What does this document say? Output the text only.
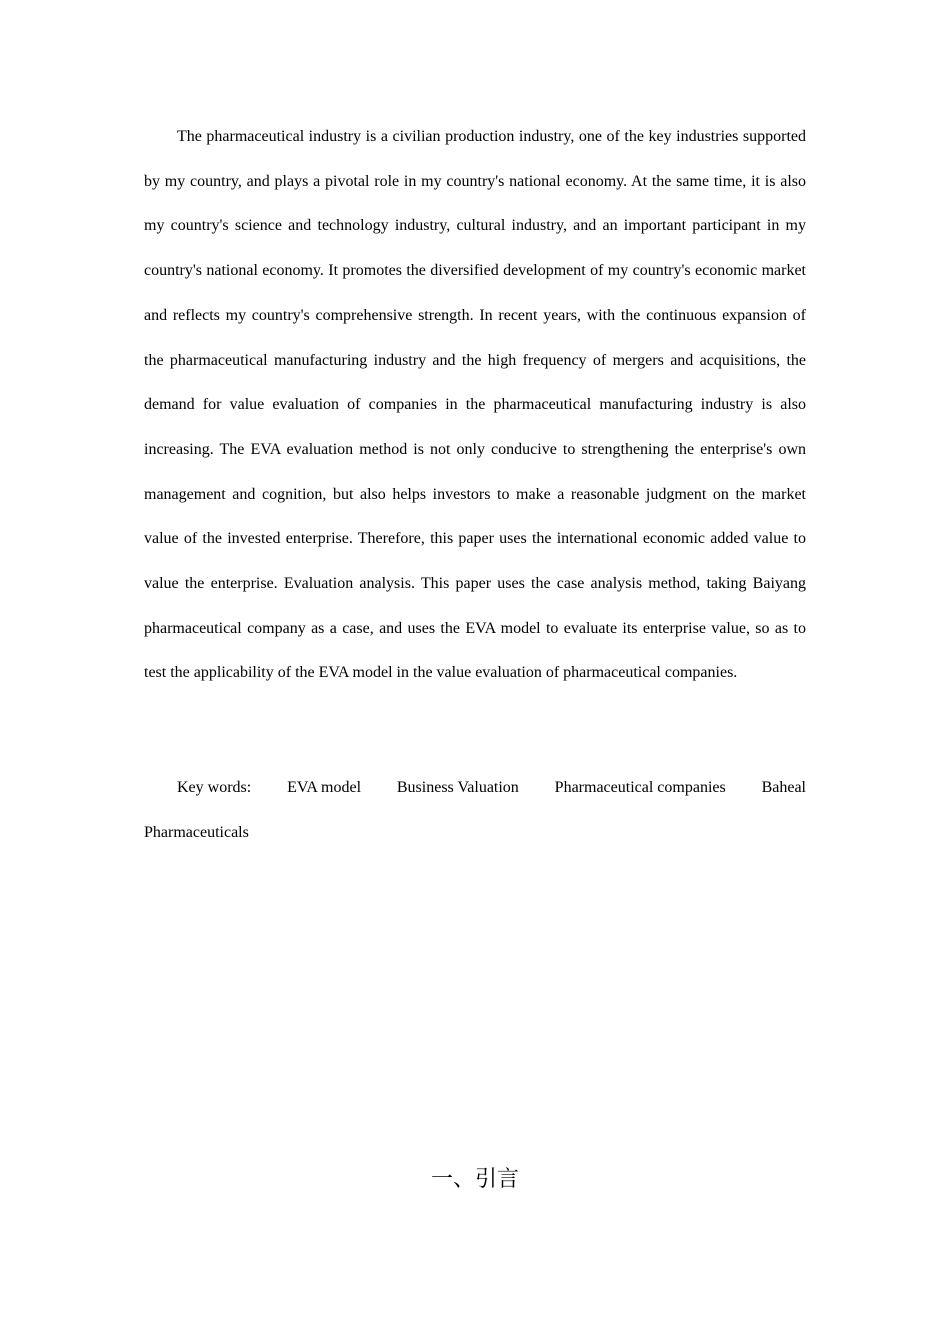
The pharmaceutical industry is a civilian production industry, one of the key industries supported by my country, and plays a pivotal role in my country's national economy. At the same time, it is also my country's science and technology industry, cultural industry, and an important participant in my country's national economy. It promotes the diversified development of my country's economic market and reflects my country's comprehensive strength. In recent years, with the continuous expansion of the pharmaceutical manufacturing industry and the high frequency of mergers and acquisitions, the demand for value evaluation of companies in the pharmaceutical manufacturing industry is also increasing. The EVA evaluation method is not only conducive to strengthening the enterprise's own management and cognition, but also helps investors to make a reasonable judgment on the market value of the invested enterprise. Therefore, this paper uses the international economic added value to value the enterprise. Evaluation analysis. This paper uses the case analysis method, taking Baiyang pharmaceutical company as a case, and uses the EVA model to evaluate its enterprise value, so as to test the applicability of the EVA model in the value evaluation of pharmaceutical companies.

Key words: EVA model Business Valuation Pharmaceutical companies Baheal
Pharmaceuticals
一、引言
